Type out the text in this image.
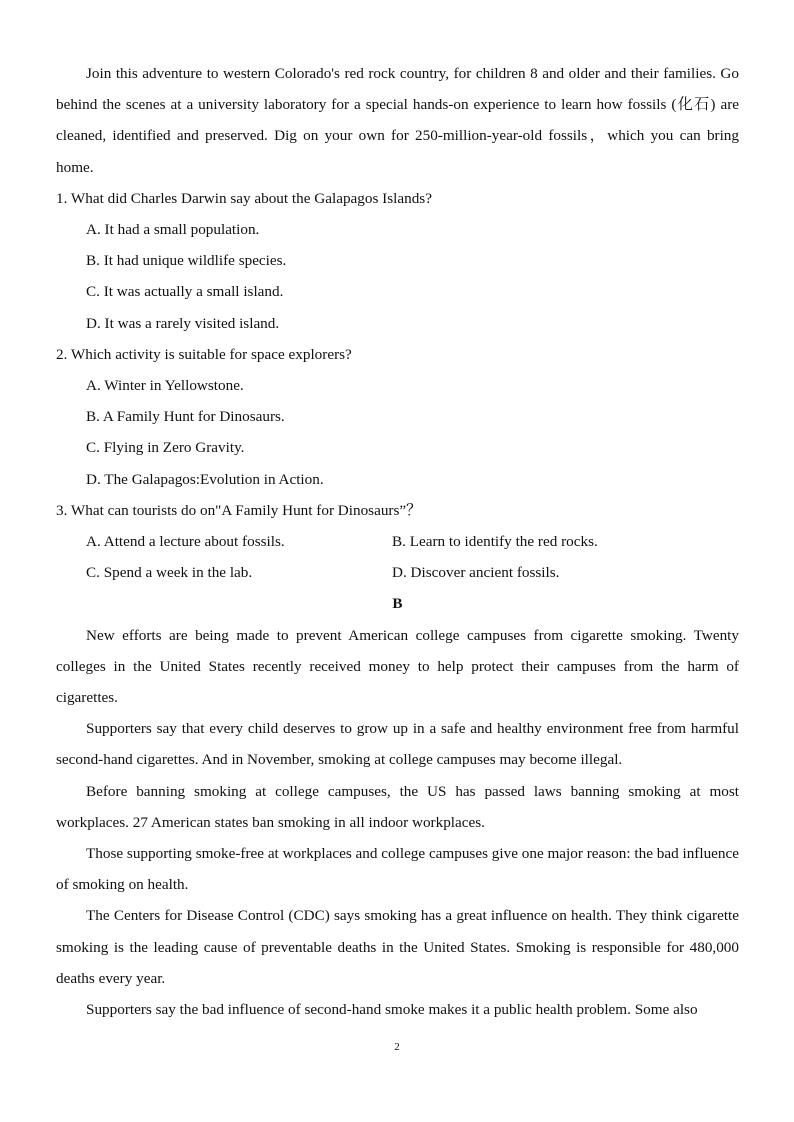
Join this adventure to western Colorado's red rock country, for children 8 and older and their families. Go behind the scenes at a university laboratory for a special hands-on experience to learn how fossils (化石) are cleaned, identified and preserved. Dig on your own for 250-million-year-old fossils，which you can bring home.

1. What did Charles Darwin say about the Galapagos Islands?

A. It had a small population.

B. It had unique wildlife species.

C. It was actually a small island.

D. It was a rarely visited island.

2. Which activity is suitable for space explorers?

A. Winter in Yellowstone.

B. A Family Hunt for Dinosaurs.

C. Flying in Zero Gravity.

D. The Galapagos:Evolution in Action.

3. What can tourists do on"A Family Hunt for Dinosaurs”？

A. Attend a lecture about fossils.	B. Learn to identify the red rocks.
C. Spend a week in the lab.	D. Discover ancient fossils.

B

New efforts are being made to prevent American college campuses from cigarette smoking. Twenty colleges in the United States recently received money to help protect their campuses from the harm of cigarettes.

Supporters say that every child deserves to grow up in a safe and healthy environment free from harmful second-hand cigarettes. And in November, smoking at college campuses may become illegal.

Before banning smoking at college campuses, the US has passed laws banning smoking at most workplaces. 27 American states ban smoking in all indoor workplaces.

Those supporting smoke-free at workplaces and college campuses give one major reason: the bad influence of smoking on health.

The Centers for Disease Control (CDC) says smoking has a great influence on health. They think cigarette smoking is the leading cause of preventable deaths in the United States. Smoking is responsible for 480,000 deaths every year.

Supporters say the bad influence of second-hand smoke makes it a public health problem. Some also

2
